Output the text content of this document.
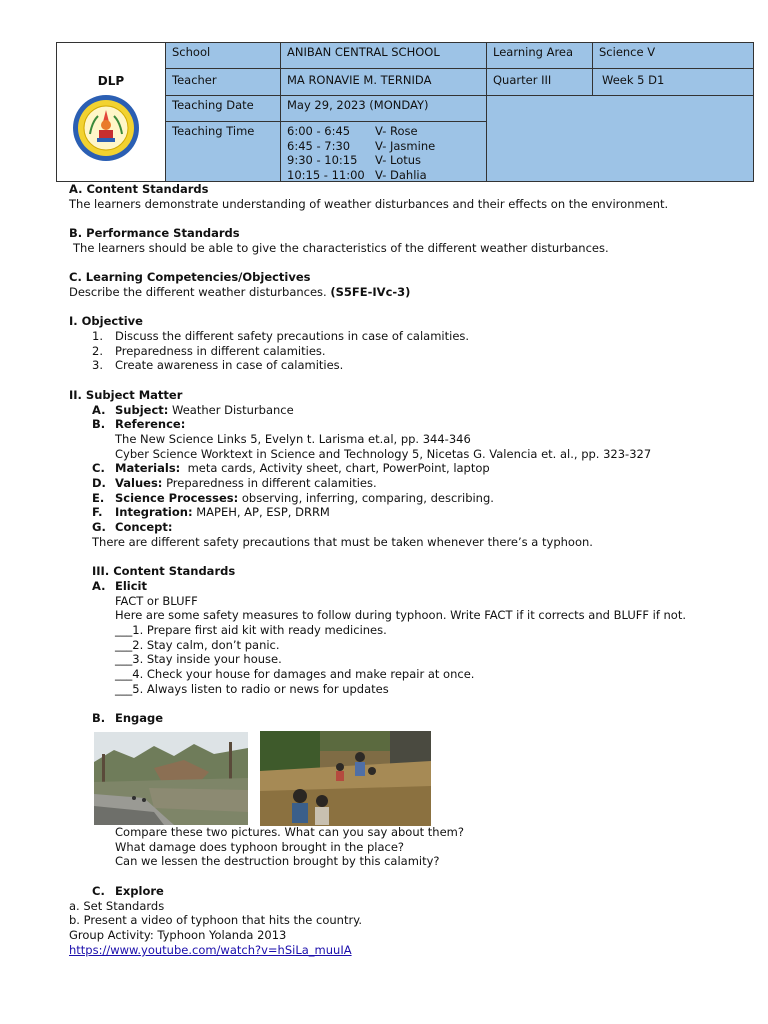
DLP
School	ANIBAN CENTRAL SCHOOL	Learning Area	Science V
Teacher	MA RONAVIE M. TERNIDA	Quarter III	Week 5 D1
Teaching Date	May 29, 2023 (MONDAY)
Teaching Time	6:00 - 6:45 V- Rose
6:45 - 7:30 V- Jasmine
9:30 - 10:15 V- Lotus
10:15 - 11:00 V- Dahlia
A. Content Standards
The learners demonstrate understanding of weather disturbances and their effects on the environment.
B. Performance Standards
The learners should be able to give the characteristics of the different weather disturbances.
C. Learning Competencies/Objectives
Describe the different weather disturbances. (S5FE-IVc-3)
I. Objective
1. Discuss the different safety precautions in case of calamities.
2. Preparedness in different calamities.
3. Create awareness in case of calamities.
II. Subject Matter
A. Subject: Weather Disturbance
B. Reference:
The New Science Links 5, Evelyn t. Larisma et.al, pp. 344-346
Cyber Science Worktext in Science and Technology 5, Nicetas G. Valencia et. al., pp. 323-327
C. Materials: meta cards, Activity sheet, chart, PowerPoint, laptop
D. Values: Preparedness in different calamities.
E. Science Processes: observing, inferring, comparing, describing.
F. Integration: MAPEH, AP, ESP, DRRM
G. Concept:
There are different safety precautions that must be taken whenever there’s a typhoon.
III. Content Standards
A. Elicit
FACT or BLUFF
Here are some safety measures to follow during typhoon. Write FACT if it corrects and BLUFF if not.
___1. Prepare first aid kit with ready medicines.
___2. Stay calm, don’t panic.
___3. Stay inside your house.
___4. Check your house for damages and make repair at once.
___5. Always listen to radio or news for updates
B. Engage
Compare these two pictures. What can you say about them?
What damage does typhoon brought in the place?
Can we lessen the destruction brought by this calamity?
C. Explore
a. Set Standards
b. Present a video of typhoon that hits the country.
Group Activity: Typhoon Yolanda 2013
https://www.youtube.com/watch?v=hSiLa_muuIA
